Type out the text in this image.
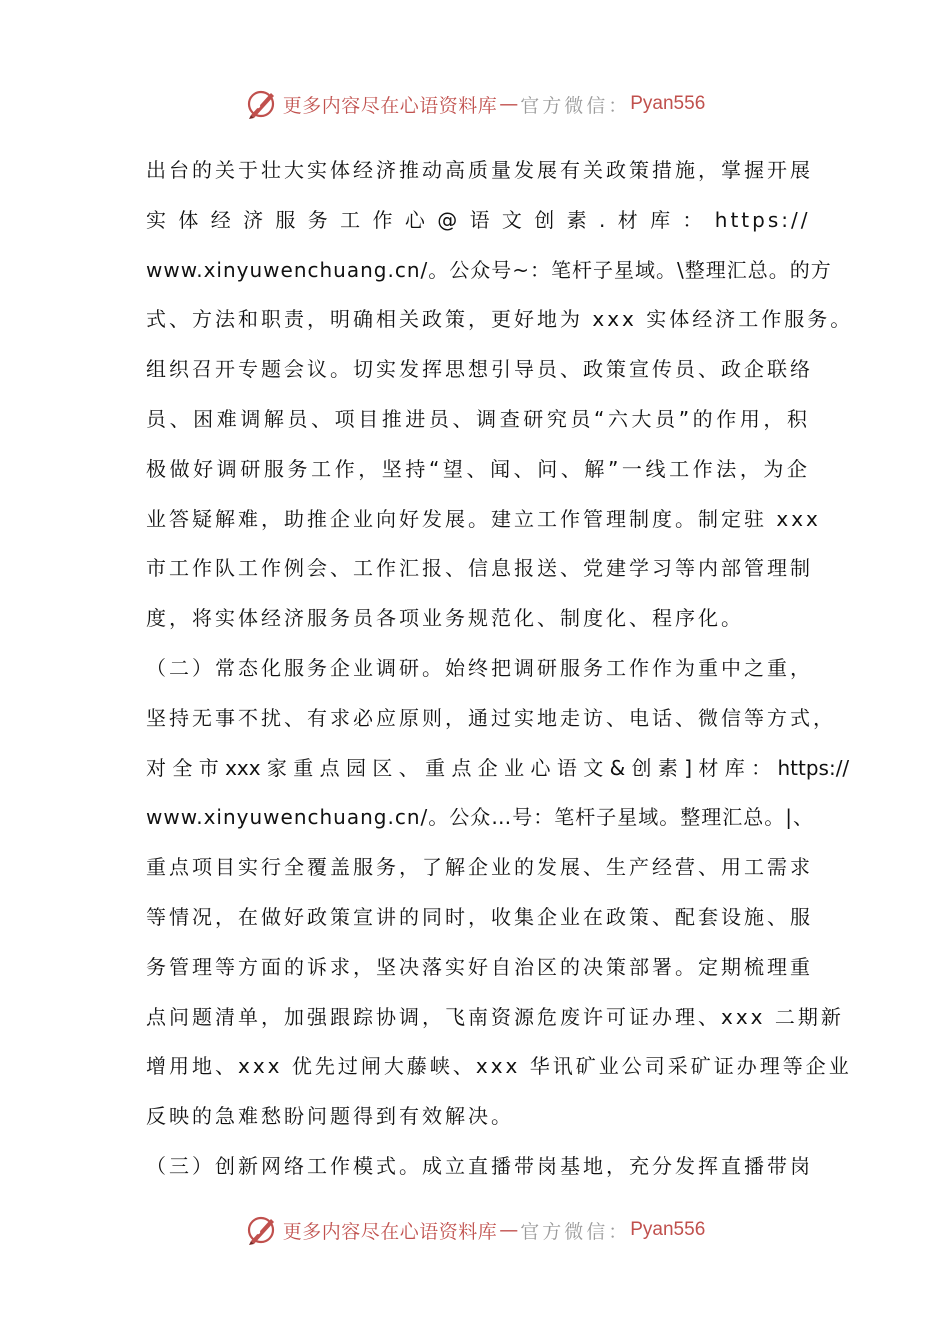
更多内容尽在心语资料库 — 官方微信： Pyan556
出台的关于壮大实体经济推动高质量发展有关政策措施，掌握开展
实 体 经 济 服 务 工 作 心 @ 语 文 创 素 . 材 库 ： https://
www.xinyuwenchuang.cn/。公众号~：笔杆子星域。\整理汇总。的方
式、方法和职责，明确相关政策，更好地为 xxx 实体经济工作服务。
组织召开专题会议。切实发挥思想引导员、政策宣传员、政企联络
员、困难调解员、项目推进员、调查研究员“六大员”的作用，积
极做好调研服务工作，坚持“望、闻、问、解”一线工作法，为企
业答疑解难，助推企业向好发展。建立工作管理制度。制定驻 xxx
市工作队工作例会、工作汇报、信息报送、党建学习等内部管理制
度，将实体经济服务员各项业务规范化、制度化、程序化。
（二）常态化服务企业调研。始终把调研服务工作作为重中之重，
坚持无事不扰、有求必应原则，通过实地走访、电话、微信等方式，
对 全 市 xxx 家 重 点 园 区 、 重 点 企 业 心 语 文 & 创 素 ] 材 库 ： https://
www.xinyuwenchuang.cn/。公众…号：笔杆子星域。整理汇总。|、
重点项目实行全覆盖服务，了解企业的发展、生产经营、用工需求
等情况，在做好政策宣讲的同时，收集企业在政策、配套设施、服
务管理等方面的诉求，坚决落实好自治区的决策部署。定期梳理重
点问题清单，加强跟踪协调，飞南资源危废许可证办理、xxx 二期新
增用地、xxx 优先过闸大藤峡、xxx 华讯矿业公司采矿证办理等企业
反映的急难愁盼问题得到有效解决。
（三）创新网络工作模式。成立直播带岗基地，充分发挥直播带岗
更多内容尽在心语资料库 — 官方微信： Pyan556
